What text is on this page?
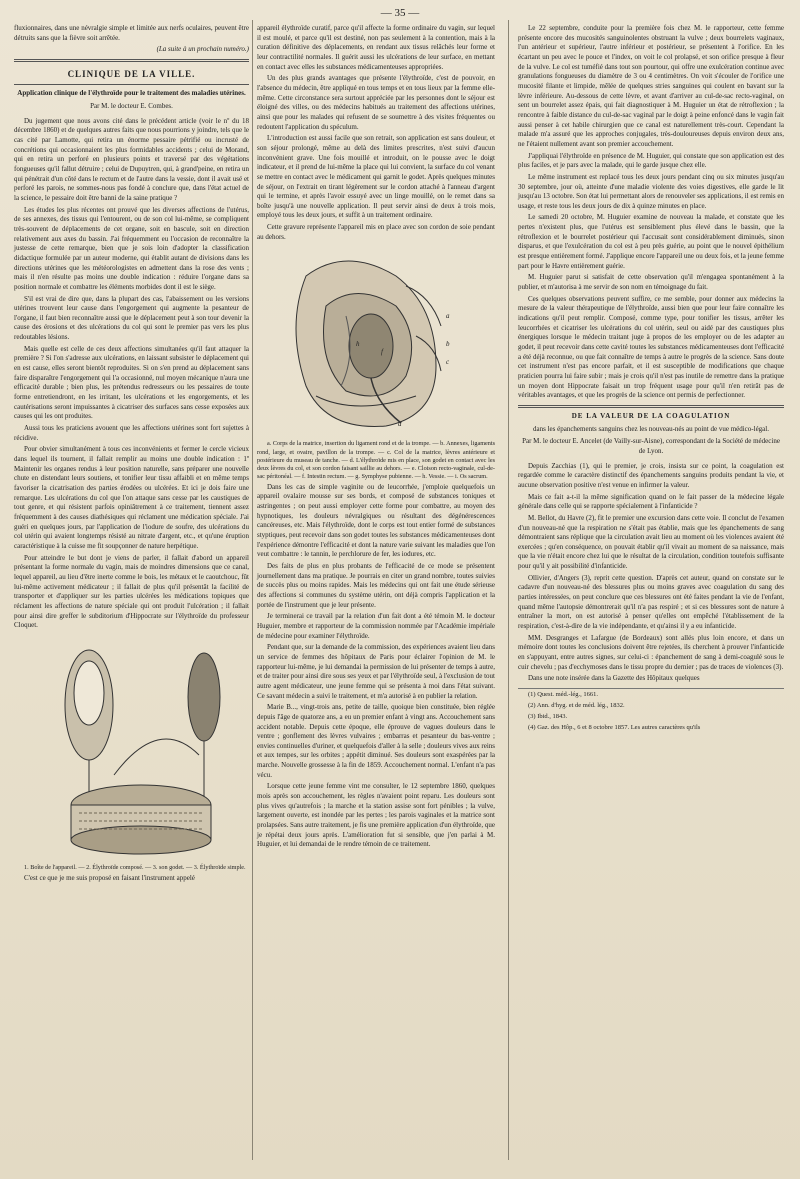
— 35 —

fluxionnaires, dans une névralgie simple et limitée aux nerfs oculaires, peuvent être détruits sans que la fièvre soit arrêtée.

(La suite à un prochain numéro.)

CLINIQUE DE LA VILLE.
Application clinique de l'élythroïde pour le traitement des maladies utérines.
Par M. le docteur E. Combes.

Du jugement que nous avons cité dans le précédent article (voir le nº du 18 décembre 1860) et de quelques autres faits que nous pourrions y joindre, tels que le cas cité par Lamotte, qui retira un énorme pessaire pétrifié ou incrusté de concrétions qui occasionnaient les plus formidables accidents ; celui de Morand, qui en retira un perforé en plusieurs points et traversé par des végétations fongueuses qu'il fallut détruire ; celui de Dupuytren, qui, à grand'peine, en retira un qui pénétrait d'un côté dans le rectum et de l'autre dans la vessie, dont il avait usé et perforé les parois, ne sommes-nous pas fondé à conclure que, dans l'état actuel de la science, le pessaire doit être banni de la saine pratique ?

Les études les plus récentes ont prouvé que les diverses affections de l'utérus, de ses annexes, des tissus qui l'entourent, ou de son col lui-même, se compliquent très-souvent de déplacements de cet organe, soit en bascule, soit en direction relativement aux axes du bassin. J'ai fréquemment eu l'occasion de reconnaître la justesse de cette remarque, bien que je sois loin d'adopter la classification didactique formulée par un auteur moderne, qui établit autant de divisions dans les directions utérines que les météorologistes en admettent dans la rose des vents ; mais il n'en résulte pas moins une double indication : réduire l'organe dans sa position normale et combattre les éléments morbides dont il est le siège.

S'il est vrai de dire que, dans la plupart des cas, l'abaissement ou les versions utérines trouvent leur cause dans l'engorgement qui augmente la pesanteur de l'organe, il faut bien reconnaître aussi que le déplacement peut à son tour devenir la cause des érosions et des ulcérations du col qui sont le premier pas vers les plus redoutables lésions.

Mais quelle est celle de ces deux affections simultanées qu'il faut attaquer la première ? Si l'on s'adresse aux ulcérations, en laissant subsister le déplacement qui en est cause, elles seront bientôt reproduites. Si on s'en prend au déplacement sans faire disparaître l'engorgement qui l'a occasionné, nul moyen mécanique n'aura une efficacité durable ; bien plus, les prétendus redresseurs ou les pessaires de toute forme entretiendront, en les irritant, les ulcérations et les engorgements, et les cautérisations seront impuissantes à cicatriser des surfaces sans cesse exposées aux causes qui les ont produites.

Aussi tous les praticiens avouent que les affections utérines sont fort sujettes à récidive.

Pour obvier simultanément à tous ces inconvénients et fermer le cercle vicieux dans lequel ils tournent, il fallait remplir au moins une double indication : 1º Maintenir les organes rendus à leur position naturelle, sans préparer une nouvelle chute en distendant leurs soutiens, et tonifier leur tissu affaibli et en même temps favoriser la cicatrisation des parties érodées ou ulcérées. Et ici je dois faire une remarque. Les ulcérations du col que l'on attaque sans cesse par les caustiques de tout genre, et qui résistent parfois opiniâtrement à ce traitement, tiennent assez fréquemment à des causes diathésiques qui réclament une médication spéciale. J'ai guéri en quelques jours, par l'application de l'iodure de soufre, des ulcérations du col utérin qui avaient longtemps résisté au nitrate d'argent, etc., et qu'une éruption caractéristique à la cuisse me fit soupçonner de nature herpétique.

Pour atteindre le but dont je viens de parler, il fallait d'abord un appareil présentant la forme normale du vagin, mais de moindres dimensions que ce canal, lequel appareil, au lieu d'être inerte comme le bois, les métaux et le caoutchouc, fût lui-même activement médicateur ; il fallait de plus qu'il présentât la facilité de transporter et d'appliquer sur les parties ulcérées les médications topiques que réclament les affections de nature spéciale qui ont produit l'ulcération ; il fallait pour ainsi dire greffer le subditorium d'Hippocrate sur l'élythroïde du professeur Cloquet.

1. Boîte de l'appareil. — 2. Élythroïde composé. — 3. son godet. — 3. Élythroïde simple.

C'est ce que je me suis proposé en faisant l'instrument appelé

appareil élythroïde curatif, parce qu'il affecte la forme ordinaire du vagin, sur lequel il est moulé, et parce qu'il est destiné, non pas seulement à la contention, mais à la curation définitive des déplacements, en rendant aux tissus relâchés leur forme et leur contractilité normales. Il guérit aussi les ulcérations de leur surface, en mettant en contact avec elles les substances médicamenteuses appropriées.

Un des plus grands avantages que présente l'élythroïde, c'est de pouvoir, en l'absence du médecin, être appliqué en tous temps et en tous lieux par la femme elle-même. Cette circonstance sera surtout appréciée par les personnes dont le séjour est éloigné des villes, ou des médecins habitués au traitement des affections utérines, ainsi que pour les malades qui refusent de se soumettre à des visites fréquentes ou redoutent l'application du spéculum.

L'introduction est aussi facile que son retrait, son application est sans douleur, et son séjour prolongé, même au delà des limites prescrites, n'est suivi d'aucun inconvénient grave. Une fois mouillé et introduit, on le pousse avec le doigt indicateur, et il prend de lui-même la place qui lui convient, la surface du col venant se mettre en contact avec le médicament qui garnit le godet. Après quelques minutes de séjour, on l'extrait en tirant légèrement sur le cordon attaché à l'anneau d'argent qui le termine, et après l'avoir essuyé avec un linge mouillé, on le remet dans sa boîte jusqu'à une nouvelle application. Il peut servir ainsi de deux à trois mois, employé tous les deux jours, et suffit à un traitement ordinaire.

Cette gravure représente l'appareil mis en place avec son cordon de soie pendant au dehors.

a
b
c
h
f
d

a. Corps de la matrice, insertion du ligament rond et de la trompe. — b. Annexes, ligaments rond, large, et ovaire, pavillon de la trompe. — c. Col de la matrice, lèvres antérieure et postérieure du museau de tanche. — d. L'élythroïde mis en place, son godet en contact avec les deux lèvres du col, et son cordon faisant saillie au dehors. — e. Cloison recto-vaginale, cul-de-sac péritonéal. — f. Intestin rectum. — g. Symphyse pubienne. — h. Vessie. — i. Os sacrum.

Dans les cas de simple vaginite ou de leucorrhée, j'emploie quelquefois un appareil ovalaire mousse sur ses bords, et composé de substances toniques et astringentes ; on peut aussi employer cette forme pour combattre, au moyen des hypnotiques, les douleurs névralgiques ou résultant des dégénérescences cancéreuses, etc. Mais l'élythroïde, dont le corps est tout entier formé de substances styptiques, peut recevoir dans son godet toutes les substances médicamenteuses dont l'expérience démontre l'efficacité et dont la nature varie suivant les maladies que l'on veut combattre : le tannin, le perchlorure de fer, les iodures, etc.

Des faits de plus en plus probants de l'efficacité de ce mode se présentent journellement dans ma pratique. Je pourrais en citer un grand nombre, toutes suivies de succès plus ou moins rapides. Mais les médecins qui ont fait une étude sérieuse des affections si communes du système utérin, ont déjà compris l'application et la portée de l'instrument que je leur présente.

Je terminerai ce travail par la relation d'un fait dont a été témoin M. le docteur Huguier, membre et rapporteur de la commission nommée par l'Académie impériale de médecine pour examiner l'élythroïde.

Pendant que, sur la demande de la commission, des expériences avaient lieu dans un service de femmes des hôpitaux de Paris pour éclairer l'opinion de M. le rapporteur lui-même, je lui demandai la permission de lui présenter de temps à autre, et de traiter pour ainsi dire sous ses yeux et par l'élythroïde seul, à l'exclusion de tout autre agent médicateur, une jeune femme qui se présenta à moi dans l'état suivant. Ce savant médecin a suivi le traitement, et m'a autorisé à en publier la relation.

Marie B..., vingt-trois ans, petite de taille, quoique bien constituée, bien réglée depuis l'âge de quatorze ans, a eu un premier enfant à vingt ans. Accouchement sans accident notable. Depuis cette époque, elle éprouve de vagues douleurs dans le ventre ; gonflement des lèvres vulvaires ; embarras et pesanteur du bas-ventre ; envies continuelles d'uriner, et quelquefois d'aller à la selle ; douleurs vives aux reins et aux tempes, sur les orbites ; appétit diminué. Ses douleurs sont exaspérées par la marche. Nouvelle grossesse à la fin de 1859. Accouchement normal. L'enfant n'a pas vécu.

Lorsque cette jeune femme vint me consulter, le 12 septembre 1860, quelques mois après son accouchement, les règles n'avaient point reparu. Les douleurs sont plus vives qu'autrefois ; la marche et la station assise sont fort pénibles ; la vulve, largement ouverte, est inondée par les pertes ; les parois vaginales et la matrice sont prolapsées. Sans autre traitement, je fis une première application d'un élythroïde, que je répétai deux jours après. L'amélioration fut si sensible, que j'en parlai à M. Huguier, et lui demandai de le rendre témoin de ce traitement.

Le 22 septembre, conduite pour la première fois chez M. le rapporteur, cette femme présente encore des mucosités sanguinolentes obstruant la vulve ; deux bourrelets vaginaux, l'un antérieur et supérieur, l'autre inférieur et postérieur, se présentent à l'orifice. En les écartant un peu avec le pouce et l'index, on voit le col prolapsé, et son orifice presque à fleur de la vulve. Le col est tuméfié dans tout son pourtour, qui offre une exulcération continue avec granulations fongueuses du diamètre de 3 ou 4 centimètres. On voit s'écouler de l'orifice une mucosité filante et limpide, mêlée de quelques stries sanguines qui coulent en bavant sur la lèvre inférieure. Au-dessous de cette lèvre, et avant d'arriver au cul-de-sac recto-vaginal, on sent un bourrelet assez épais, qui fait diagnostiquer à M. Huguier un état de rétroflexion ; la rencontre à faible distance du cul-de-sac vaginal par le doigt à peine enfoncé dans le vagin fait aussi penser à cet habile chirurgien que ce canal est naturellement très-court. Cependant la malade m'a assuré que les approches conjugales, très-douloureuses depuis environ deux ans, ne l'étaient nullement avant son premier accouchement.

J'appliquai l'élythroïde en présence de M. Huguier, qui constate que son application est des plus faciles, et je pars avec la malade, qui le garde jusque chez elle.

Le même instrument est replacé tous les deux jours pendant cinq ou six minutes jusqu'au 30 septembre, jour où, atteinte d'une maladie violente des voies digestives, elle garde le lit jusqu'au 13 octobre. Son état lui permettant alors de renouveler ses applications, il est remis en usage, et reste tous les deux jours de dix à quinze minutes en place.

Le samedi 20 octobre, M. Huguier examine de nouveau la malade, et constate que les pertes n'existent plus, que l'utérus est sensiblement plus élevé dans le bassin, que la rétroflexion et le bourrelet postérieur qui l'accusait sont considérablement diminués, sinon disparus, et que l'exulcération du col est à peu près guérie, au point que le nouvel épithélium est presque entièrement formé. J'applique encore l'appareil une ou deux fois, et la jeune femme part pour le Havre entièrement guérie.

M. Huguier parut si satisfait de cette observation qu'il m'engagea spontanément à la publier, et m'autorisa à me servir de son nom en témoignage du fait.

Ces quelques observations peuvent suffire, ce me semble, pour donner aux médecins la mesure de la valeur thérapeutique de l'élythroïde, aussi bien que pour leur faire connaître les indications qu'il peut remplir. Composé, comme type, pour tonifier les tissus, arrêter les leucorrhées et cicatriser les ulcérations du col utérin, seul ou aidé par des caustiques plus énergiques lorsque le médecin traitant juge à propos de les employer ou de les adapter au godet, il peut recevoir dans cette cavité toutes les substances médicamenteuses dont l'efficacité a été déjà reconnue, ou que fait connaître de temps à autre le progrès de la science. Sans doute cet instrument n'est pas encore parfait, et il est susceptible de modifications que chaque praticien pourra lui faire subir ; mais je crois qu'il n'est pas inutile de remettre dans la pratique un moyen dont Hippocrate faisait un trop fréquent usage pour qu'il n'en retirât pas de véritables avantages, et que les progrès de la science ont permis de perfectionner.

DE LA VALEUR DE LA COAGULATION
dans les épanchements sanguins chez les nouveau-nés au point de vue médico-légal.
Par M. le docteur E. Ancelet (de Vailly-sur-Aisne), correspondant de la Société de médecine de Lyon.

Depuis Zacchias (1), qui le premier, je crois, insista sur ce point, la coagulation est regardée comme le caractère distinctif des épanchements sanguins produits pendant la vie, et aucune observation positive n'est venue en infirmer la valeur.

Mais ce fait a-t-il la même signification quand on le fait passer de la médecine légale générale dans celle qui se rapporte spécialement à l'infanticide ?

M. Bellot, du Havre (2), fit le premier une excursion dans cette voie. Il conclut de l'examen d'un nouveau-né que la respiration ne s'était pas établie, mais que les épanchements de sang démontraient sans réplique que la circulation avait lieu au moment où les violences avaient été exercées ; qu'en conséquence, on pouvait établir qu'il vivait au moment de sa naissance, mais que la vie n'était encore chez lui que le résultat de la circulation, condition toutefois suffisante pour qu'il y ait possibilité d'infanticide.

Ollivier, d'Angers (3), reprit cette question. D'après cet auteur, quand on constate sur le cadavre d'un nouveau-né des blessures plus ou moins graves avec coagulation du sang des parties intéressées, on peut conclure que ces blessures ont été faites pendant la vie de l'enfant, quand même l'autopsie démontrerait qu'il n'a pas respiré ; et si ces blessures sont de nature à entraîner la mort, on est autorisé à penser qu'elles ont empêché l'établissement de la respiration, c'est-à-dire de la vie indépendante, et qu'ainsi il y a eu infanticide.

MM. Desgranges et Lafargue (de Bordeaux) sont allés plus loin encore, et dans un mémoire dont toutes les conclusions doivent être rejetées, ils cherchent à prouver l'infanticide en s'appuyant, entre autres signes, sur celui-ci : épanchement de sang à demi-coagulé sous le cuir chevelu ; pas d'ecchymoses dans le tissu propre du dernier ; pas de traces de violences (3).

Dans une note insérée dans la Gazette des Hôpitaux quelques

(1) Quest. méd.-lég., 1661.

(2) Ann. d'hyg. et de méd. lég., 1832.

(3) Ibid., 1843.

(4) Gaz. des Hôp., 6 et 8 octobre 1857. Les autres caractères qu'ils
